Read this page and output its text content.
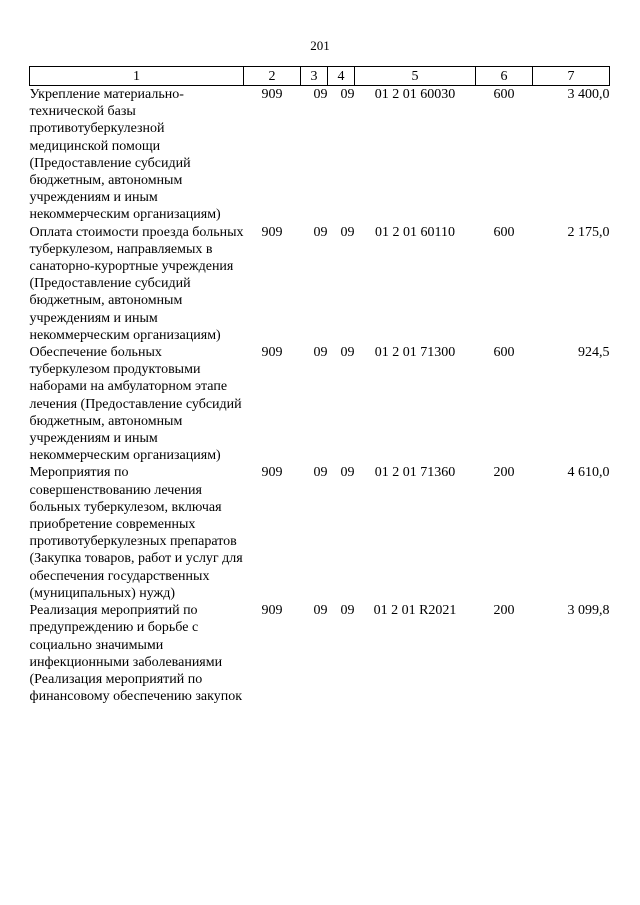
201
1	2	3	4	5	6	7
Укрепление материально-технической базы противотуберкулезной медицинской помощи (Предоставление субсидий бюджетным, автономным учреждениям и иным некоммерческим организациям)	909	09	09	01 2 01 60030	600	3 400,0
Оплата стоимости проезда больных туберкулезом, направляемых в санаторно-курортные учреждения (Предоставление субсидий бюджетным, автономным учреждениям и иным некоммерческим организациям)	909	09	09	01 2 01 60110	600	2 175,0
Обеспечение больных туберкулезом продуктовыми наборами на амбулаторном этапе лечения (Предоставление субсидий бюджетным, автономным учреждениям и иным некоммерческим организациям)	909	09	09	01 2 01 71300	600	924,5
Мероприятия по совершенствованию лечения больных туберкулезом, включая приобретение современных противотуберкулезных препаратов (Закупка товаров, работ и услуг для обеспечения государственных (муниципальных) нужд)	909	09	09	01 2 01 71360	200	4 610,0
Реализация мероприятий по предупреждению и борьбе с социально значимыми инфекционными заболеваниями (Реализация мероприятий по финансовому обеспечению закупок	909	09	09	01 2 01 R2021	200	3 099,8
